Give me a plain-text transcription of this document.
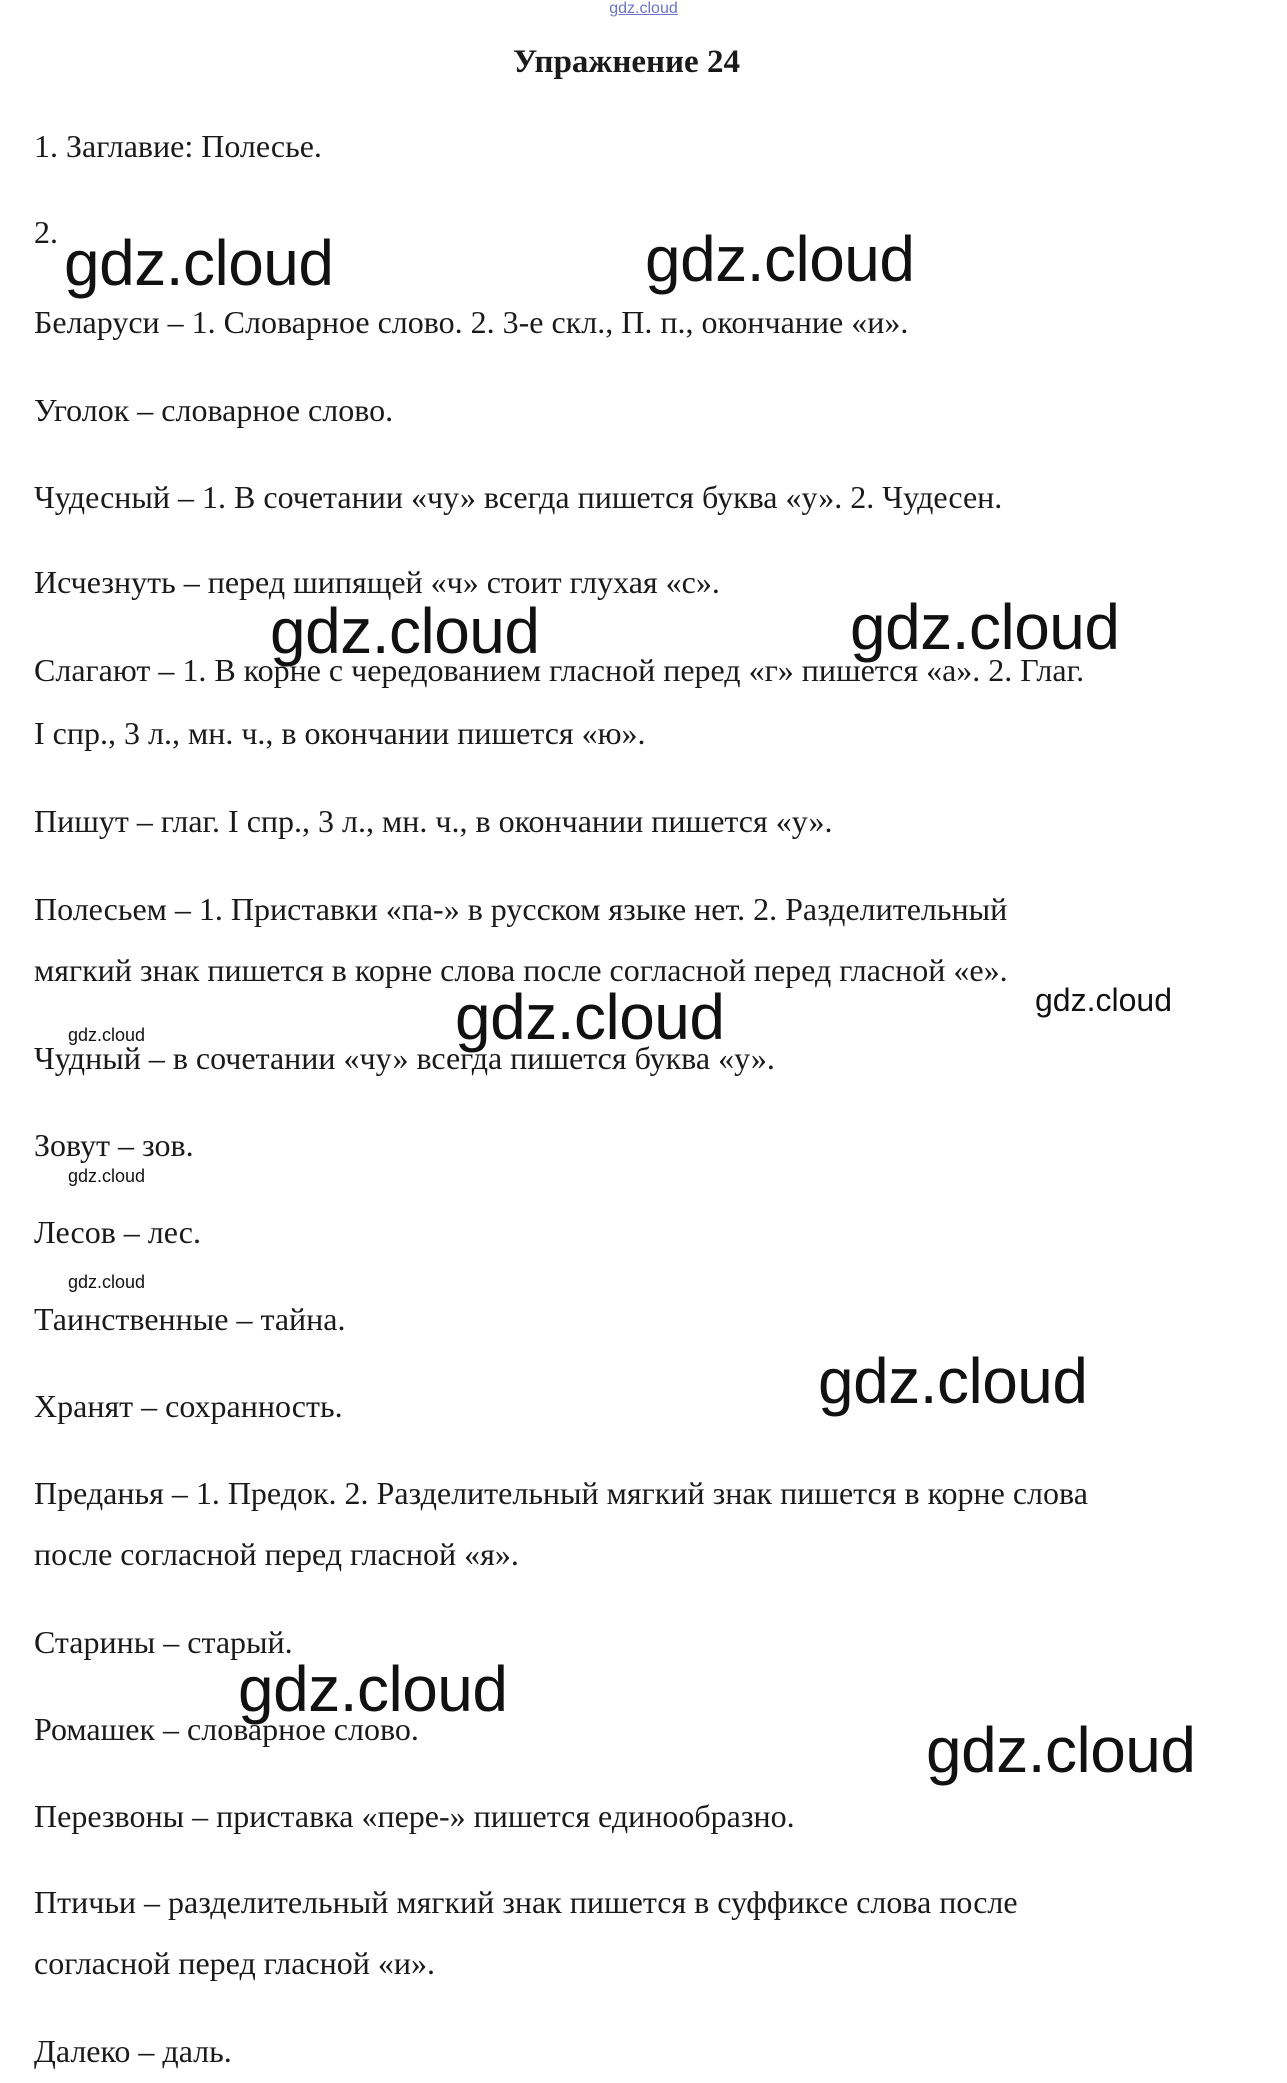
gdz.cloud
Упражнение 24
1. Заглавие: Полесье.
2.
Беларуси – 1. Словарное слово. 2. 3-е скл., П. п., окончание «и».
Уголок – словарное слово.
Чудесный – 1. В сочетании «чу» всегда пишется буква «у». 2. Чудесен.
Исчезнуть – перед шипящей «ч» стоит глухая «с».
Слагают – 1. В корне с чередованием гласной перед «г» пишется «а». 2. Глаг.
I спр., 3 л., мн. ч., в окончании пишется «ю».
Пишут – глаг. I спр., 3 л., мн. ч., в окончании пишется «у».
Полесьем – 1. Приставки «па-» в русском языке нет. 2. Разделительный
мягкий знак пишется в корне слова после согласной перед гласной «е».
Чудный – в сочетании «чу» всегда пишется буква «у».
Зовут – зов.
Лесов – лес.
Таинственные – тайна.
Хранят – сохранность.
Преданья – 1. Предок. 2. Разделительный мягкий знак пишется в корне слова
после согласной перед гласной «я».
Старины – старый.
Ромашек – словарное слово.
Перезвоны – приставка «пере-» пишется единообразно.
Птичьи – разделительный мягкий знак пишется в суффиксе слова после
согласной перед гласной «и».
Далеко – даль.
gdz.cloud	gdz.cloud
gdz.cloud	gdz.cloud
gdz.cloud	gdz.cloud
gdz.cloud
gdz.cloud
gdz.cloud
gdz.cloud
gdz.cloud
gdz.cloud
